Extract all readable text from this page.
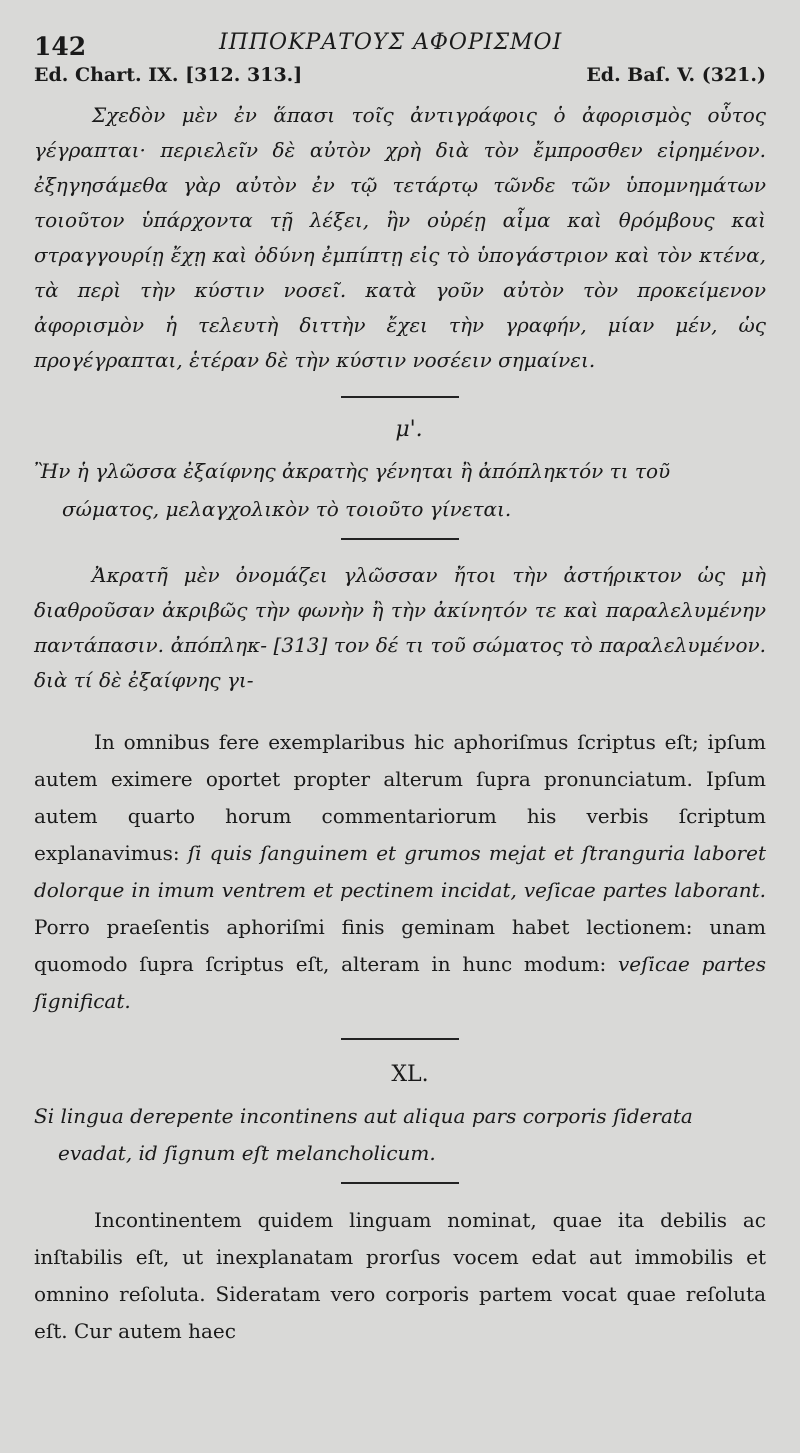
142	ΙΠΠΟΚΡΑΤΟΥΣ ΑΦΟΡΙΣΜΟΙ
Ed. Chart. IX. [312. 313.]	Ed. Baſ. V. (321.)

Σχεδὸν μὲν ἐν ἅπασι τοῖς ἀντιγράφοις ὁ ἀφορισμὸς οὗτος γέγραπται· περιελεῖν δὲ αὐτὸν χρὴ διὰ τὸν ἔμπροσθεν εἰρημένον. ἐξηγησάμεθα γὰρ αὐτὸν ἐν τῷ τετάρτῳ τῶνδε τῶν ὑπομνημάτων τοιοῦτον ὑπάρχοντα τῇ λέξει, ἢν οὐρέῃ αἷμα καὶ θρόμβους καὶ στραγγουρίῃ ἔχῃ καὶ ὀδύνη ἐμπίπτῃ εἰς τὸ ὑπογάστριον καὶ τὸν κτένα, τὰ περὶ τὴν κύστιν νοσεῖ. κατὰ γοῦν αὐτὸν τὸν προκείμενον ἀφορισμὸν ἡ τελευτὴ διττὴν ἔχει τὴν γραφήν, μίαν μέν, ὡς προγέγραπται, ἑτέραν δὲ τὴν κύστιν νοσέειν σημαίνει.

μ'.

Ἢν ἡ γλῶσσα ἐξαίφνης ἀκρατὴς γένηται ἢ ἀπόπληκτόν τι τοῦ σώματος, μελαγχολικὸν τὸ τοιοῦτο γίνεται.

Ἀκρατῆ μὲν ὀνομάζει γλῶσσαν ἤτοι τὴν ἀστήρικτον ὡς μὴ διαθροῦσαν ἀκριβῶς τὴν φωνὴν ἢ τὴν ἀκίνητόν τε καὶ παραλελυμένην παντάπασιν. ἀπόπληκ- [313] τον δέ τι τοῦ σώματος τὸ παραλελυμένον. διὰ τί δὲ ἐξαίφνης γι-

In omnibus fere exemplaribus hic aphoriſmus ſcriptus eſt; ipſum autem eximere oportet propter alterum ſupra pronunciatum. Ipſum autem quarto horum commentariorum his verbis ſcriptum explanavimus: ſi quis ſanguinem et grumos mejat et ſtranguria laboret dolorque in imum ventrem et pectinem incidat, veſicae partes laborant. Porro praeſentis aphoriſmi finis geminam habet lectionem: unam quomodo ſupra ſcriptus eſt, alteram in hunc modum: veſicae partes ſignificat.

XL.

Si lingua derepente incontinens aut aliqua pars corporis ſiderata evadat, id ſignum eſt melancholicum.

Incontinentem quidem linguam nominat, quae ita debilis ac inſtabilis eſt, ut inexplanatam prorſus vocem edat aut immobilis et omnino reſoluta. Sideratam vero corporis partem vocat quae reſoluta eſt. Cur autem haec
